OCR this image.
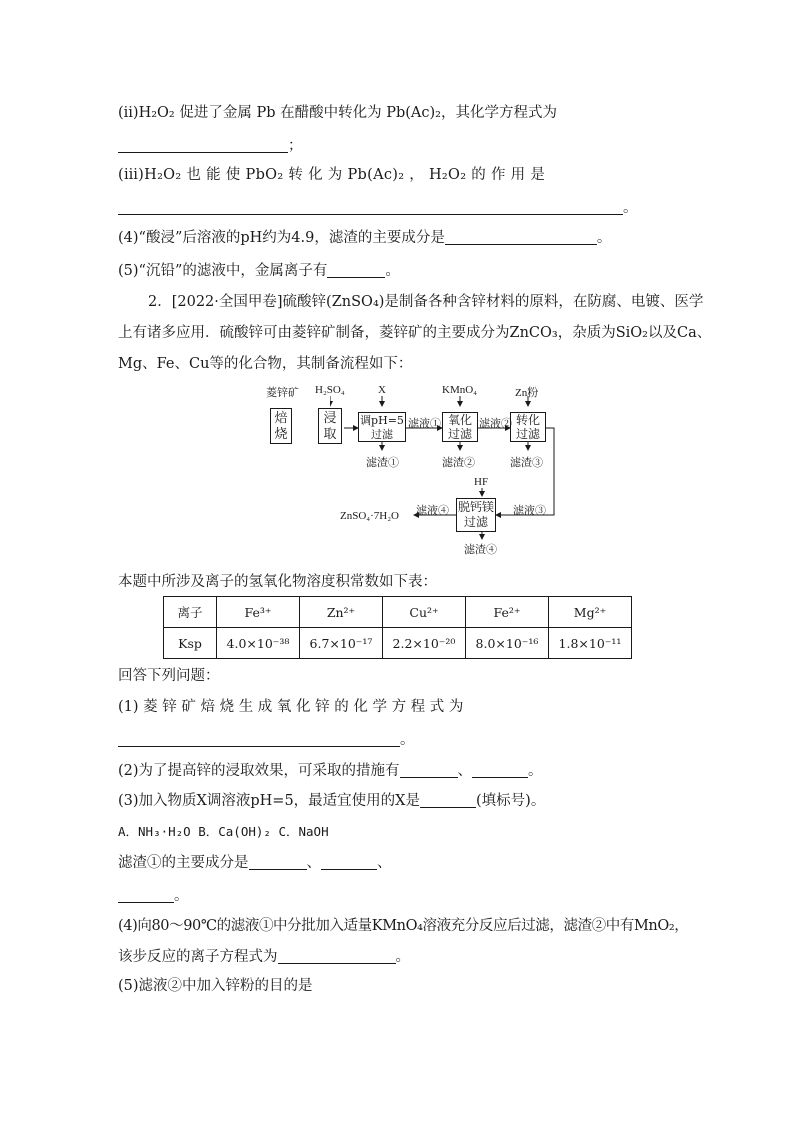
(ⅱ)H₂O₂ 促进了金属 Pb 在醋酸中转化为 Pb(Ac)₂，其化学方程式为
；
(ⅲ)H₂O₂ 也 能 使 PbO₂ 转 化 为 Pb(Ac)₂ ， H₂O₂ 的 作 用 是
。
(4)“酸浸”后溶液的pH约为4.9，滤渣的主要成分是	。
(5)“沉铅”的滤液中，金属离子有	。
2．[2022·全国甲卷]硫酸锌(ZnSO₄)是制备各种含锌材料的原料，在防腐、电镀、医学
上有诸多应用．硫酸锌可由菱锌矿制备，菱锌矿的主要成分为ZnCO₃，杂质为SiO₂以及Ca、
Mg、Fe、Cu等的化合物，其制备流程如下：
菱锌矿 H₂SO₄	X	KMnO₄	Zn粉
HF
焙
烧
浸
取
调pH=5
过滤
氧化
过滤
转化
过滤
脱钙镁
过滤
滤液①	滤液②
滤液③
滤液④
滤渣①	滤渣②	滤渣③
滤渣④
ZnSO₄·7H₂O
本题中所涉及离子的氢氧化物溶度积常数如下表：
离子	Fe³⁺	Zn²⁺	Cu²⁺	Fe²⁺	Mg²⁺
Ksp	4.0×10⁻³⁸	6.7×10⁻¹⁷	2.2×10⁻²⁰	8.0×10⁻¹⁶	1.8×10⁻¹¹
回答下列问题：
(1) 菱 锌 矿 焙 烧 生 成 氧 化 锌 的 化 学 方 程 式 为
。
(2)为了提高锌的浸取效果，可采取的措施有	、	。
(3)加入物质X调溶液pH=5，最适宜使用的X是	(填标号)。
A．NH₃·H₂O B．Ca(OH)₂ C．NaOH
滤渣①的主要成分是	、	、
。
(4)向80～90℃的滤液①中分批加入适量KMnO₄溶液充分反应后过滤，滤渣②中有MnO₂，
该步反应的离子方程式为	。
(5)滤液②中加入锌粉的目的是
